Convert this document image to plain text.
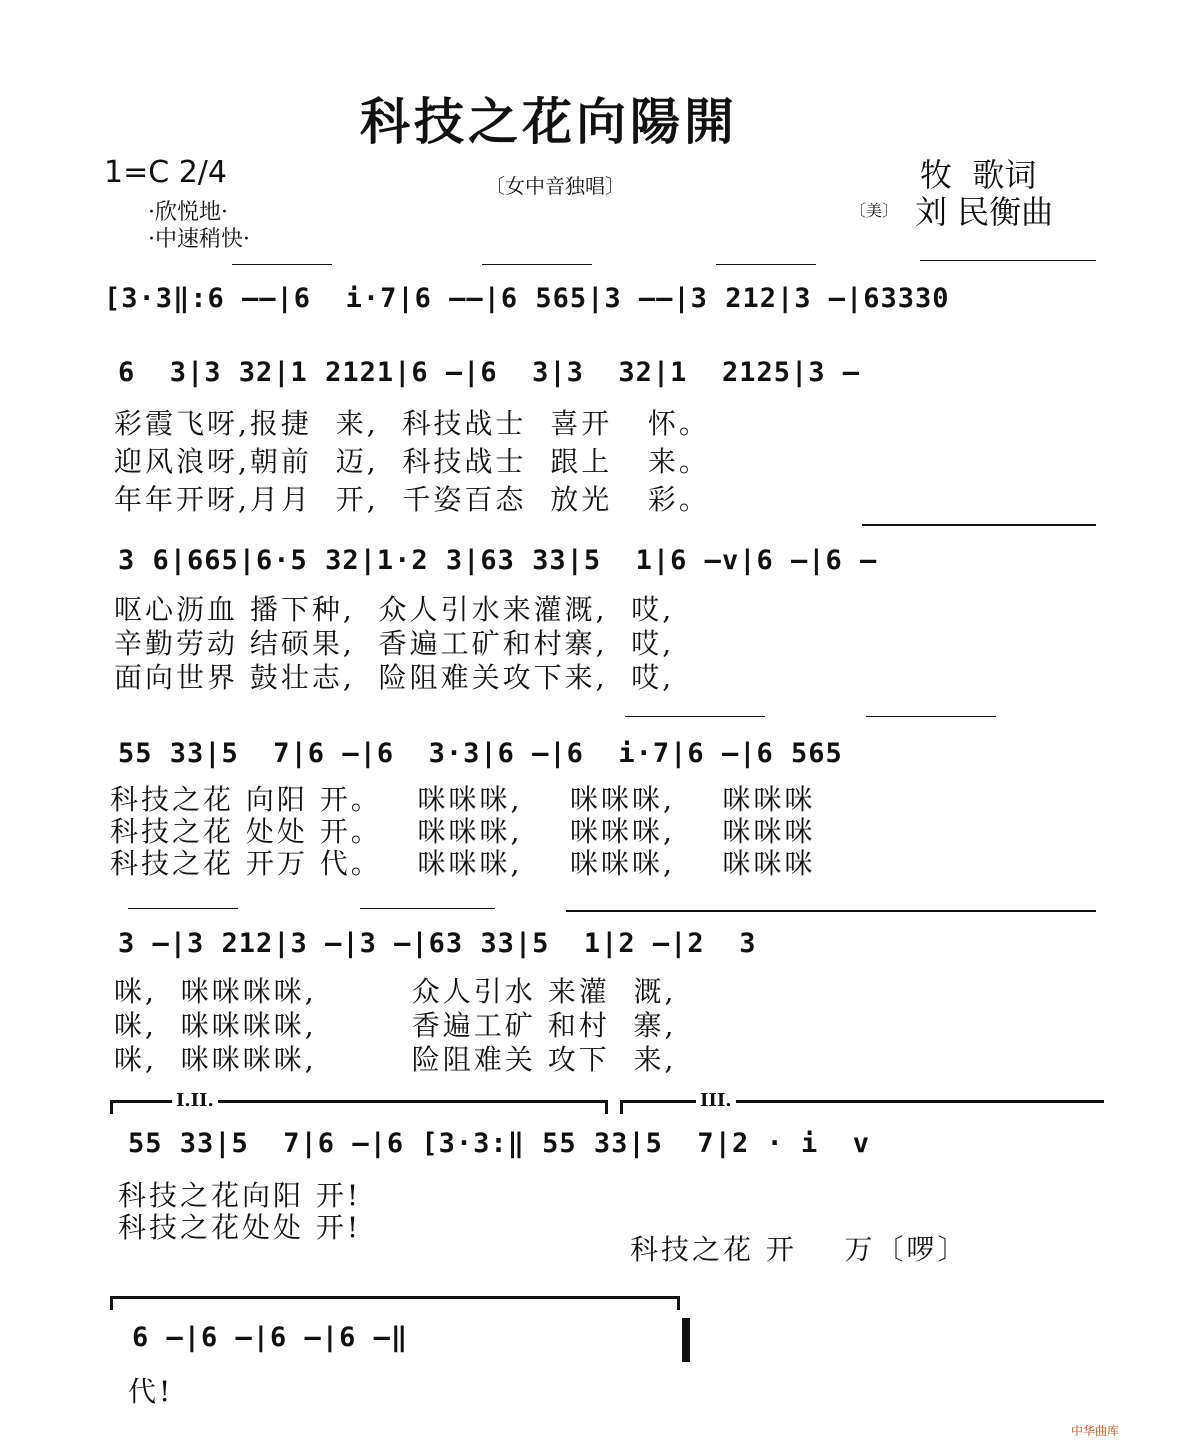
科技之花向陽開
1=C 2/4
·欣悦地·
·中速稍快·
〔女中音独唱〕	牧  歌词
〔美〕 刘 民衡曲
[3·3‖:6 ——|6  i·7|6 ——|6 565|3 ——|3 212|3 —|63330
6  3|3 32|1 2121|6 —|6  3|3  32|1  2125|3 —
彩霞飞呀,报捷  来,  科技战士  喜开   怀。
迎风浪呀,朝前  迈,  科技战士  跟上   来。
年年开呀,月月  开,  千姿百态  放光   彩。
3 6|665|6·5 32|1·2 3|63 33|5  1|6 —v|6 —|6 —
呕心沥血 播下种,  众人引水来灌溉,  哎,
辛勤劳动 结硕果,  香遍工矿和村寨,  哎,
面向世界 鼓壮志,  险阻难关攻下来,  哎,
55 33|5  7|6 —|6  3·3|6 —|6  i·7|6 —|6 565
科技之花 向阳 开。   咪咪咪,    咪咪咪,    咪咪咪
科技之花 处处 开。   咪咪咪,    咪咪咪,    咪咪咪
科技之花 开万 代。   咪咪咪,    咪咪咪,    咪咪咪
3 —|3 212|3 —|3 —|63 33|5  1|2 —|2  3
咪,  咪咪咪咪,        众人引水 来灌  溉,
咪,  咪咪咪咪,        香遍工矿 和村  寨,
咪,  咪咪咪咪,        险阻难关 攻下  来,
I.II.	III.
55 33|5  7|6 —|6 [3·3:‖ 55 33|5  7|2 · i  v
科技之花向阳 开!
科技之花处处 开!
科技之花 开    万〔啰〕
6 —|6 —|6 —|6 —‖
代!
中华曲库
